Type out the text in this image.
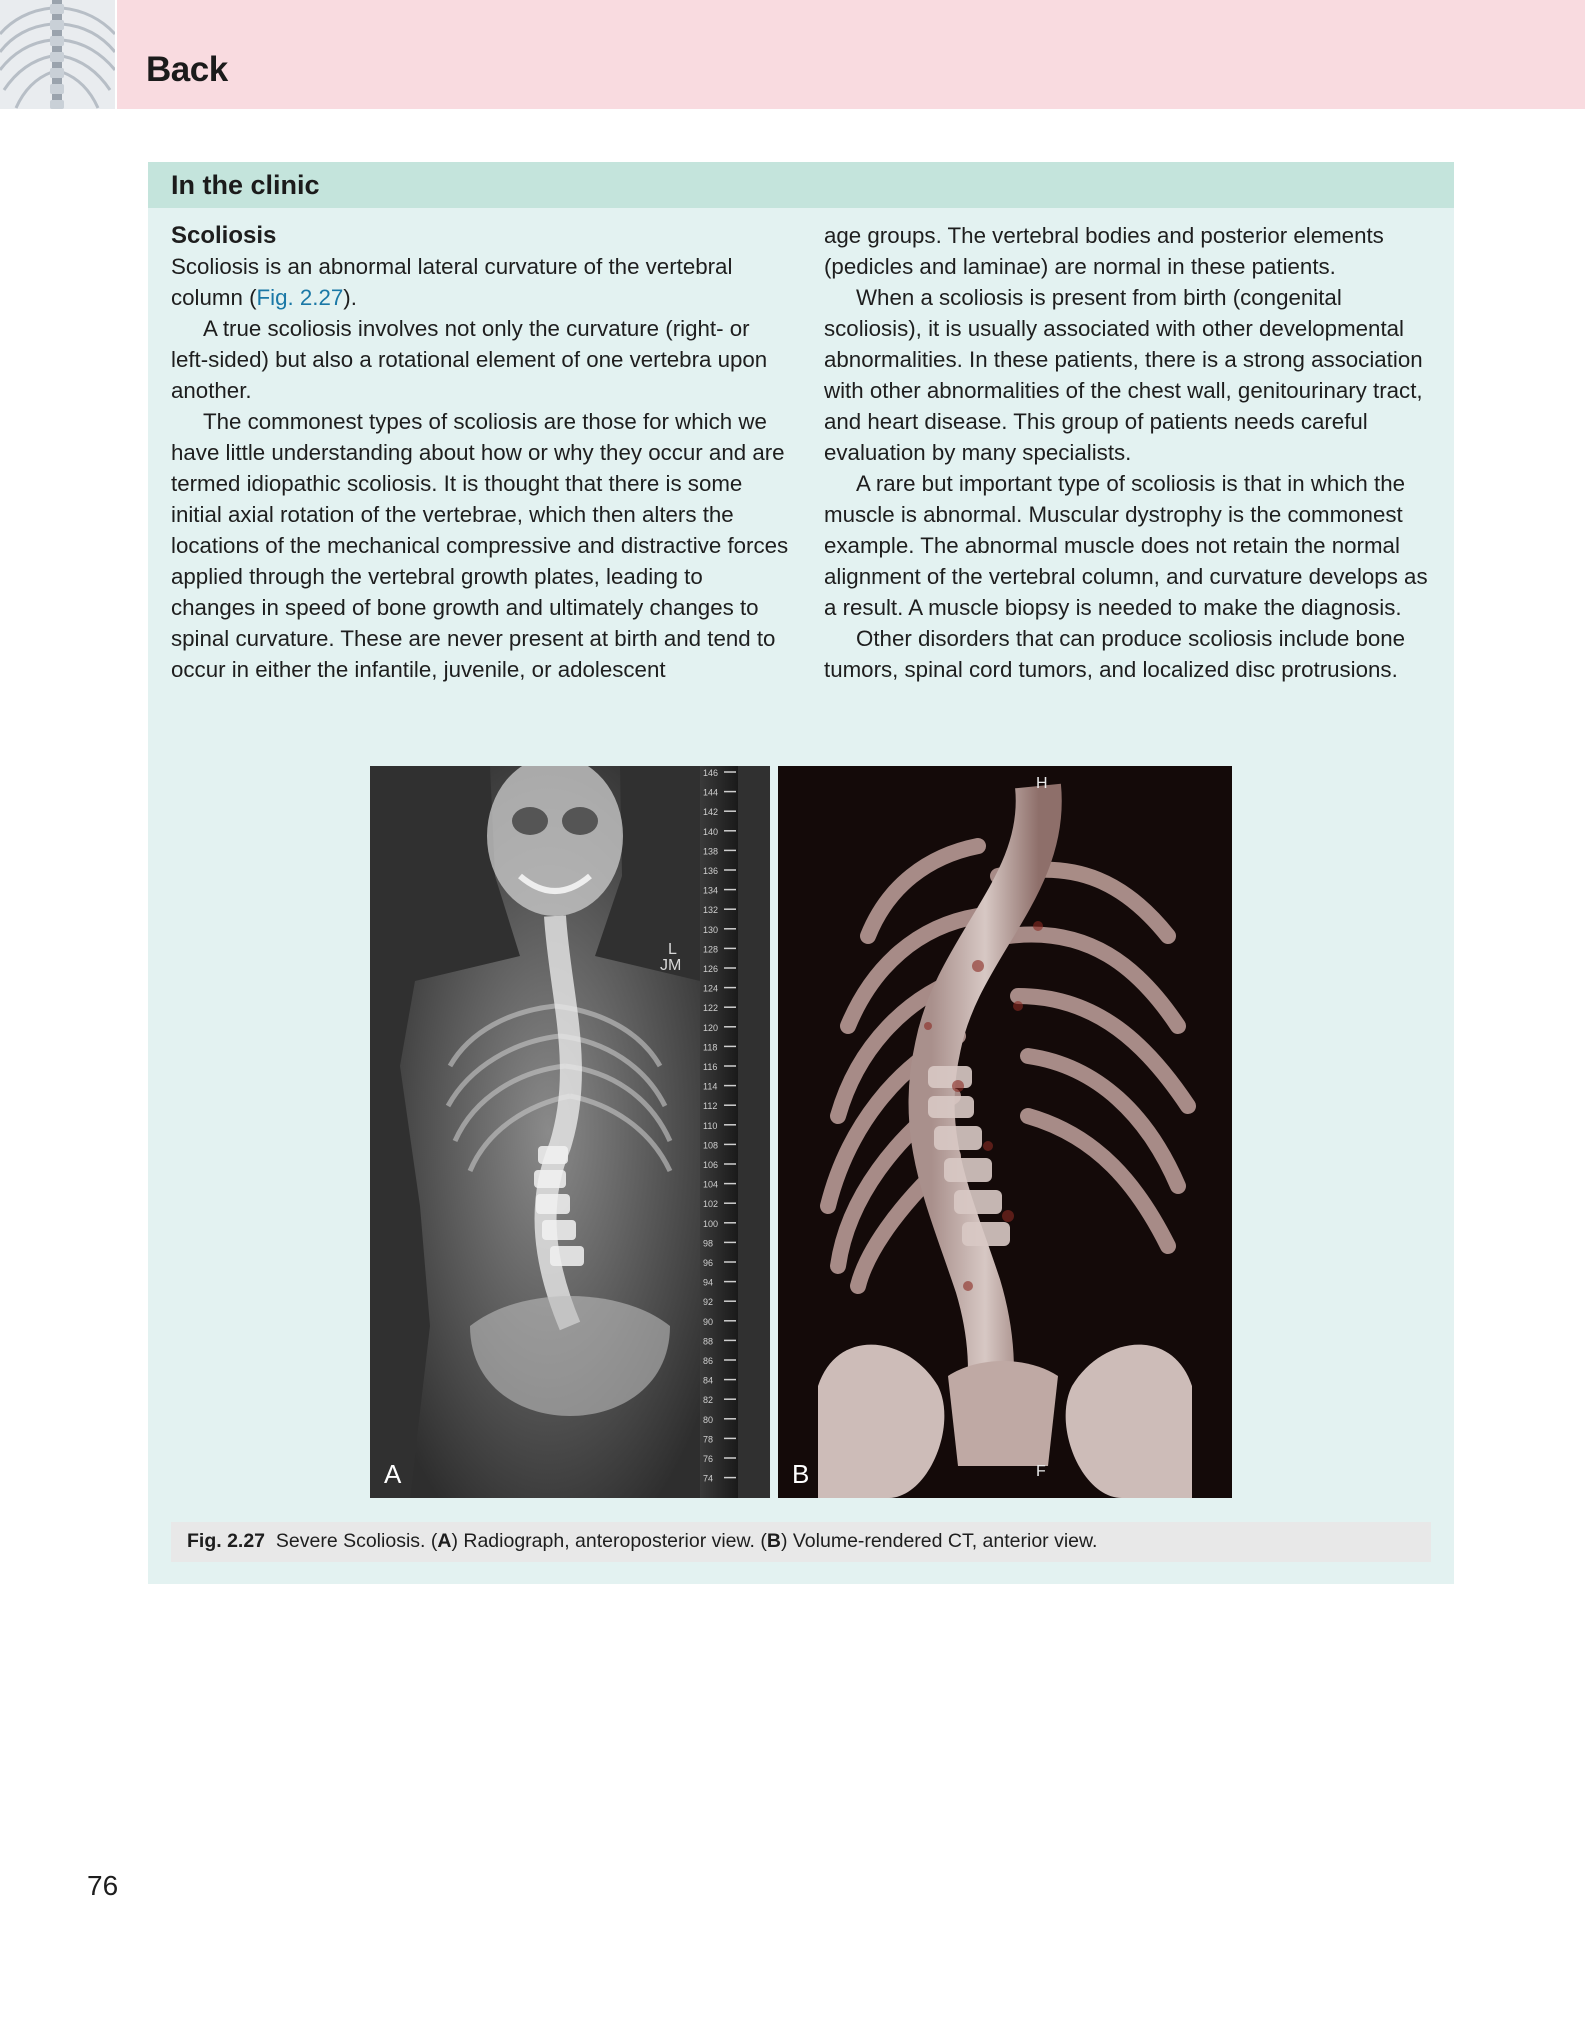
Back
In the clinic

Scoliosis

Scoliosis is an abnormal lateral curvature of the vertebral column (Fig. 2.27).

A true scoliosis involves not only the curvature (right- or left-sided) but also a rotational element of one vertebra upon another.

The commonest types of scoliosis are those for which we have little understanding about how or why they occur and are termed idiopathic scoliosis. It is thought that there is some initial axial rotation of the vertebrae, which then alters the locations of the mechanical compressive and distractive forces applied through the vertebral growth plates, leading to changes in speed of bone growth and ultimately changes to spinal curvature. These are never present at birth and tend to occur in either the infantile, juvenile, or adolescent

age groups. The vertebral bodies and posterior elements (pedicles and laminae) are normal in these patients.

When a scoliosis is present from birth (congenital scoliosis), it is usually associated with other developmental abnormalities. In these patients, there is a strong association with other abnormalities of the chest wall, genitourinary tract, and heart disease. This group of patients needs careful evaluation by many specialists.

A rare but important type of scoliosis is that in which the muscle is abnormal. Muscular dystrophy is the commonest example. The abnormal muscle does not retain the normal alignment of the vertebral column, and curvature develops as a result. A muscle biopsy is needed to make the diagnosis.

Other disorders that can produce scoliosis include bone tumors, spinal cord tumors, and localized disc protrusions.

146
144
142
140
138
136
134
132
130
128
126
124
122
120
118
116
114
112
110
108
106
104
102
100
98
96
94
92
90
88
86
84
82
80
78
76
74
L
JM
A
H
F
B
Fig. 2.27 Severe Scoliosis. (A) Radiograph, anteroposterior view. (B) Volume-rendered CT, anterior view.
76
